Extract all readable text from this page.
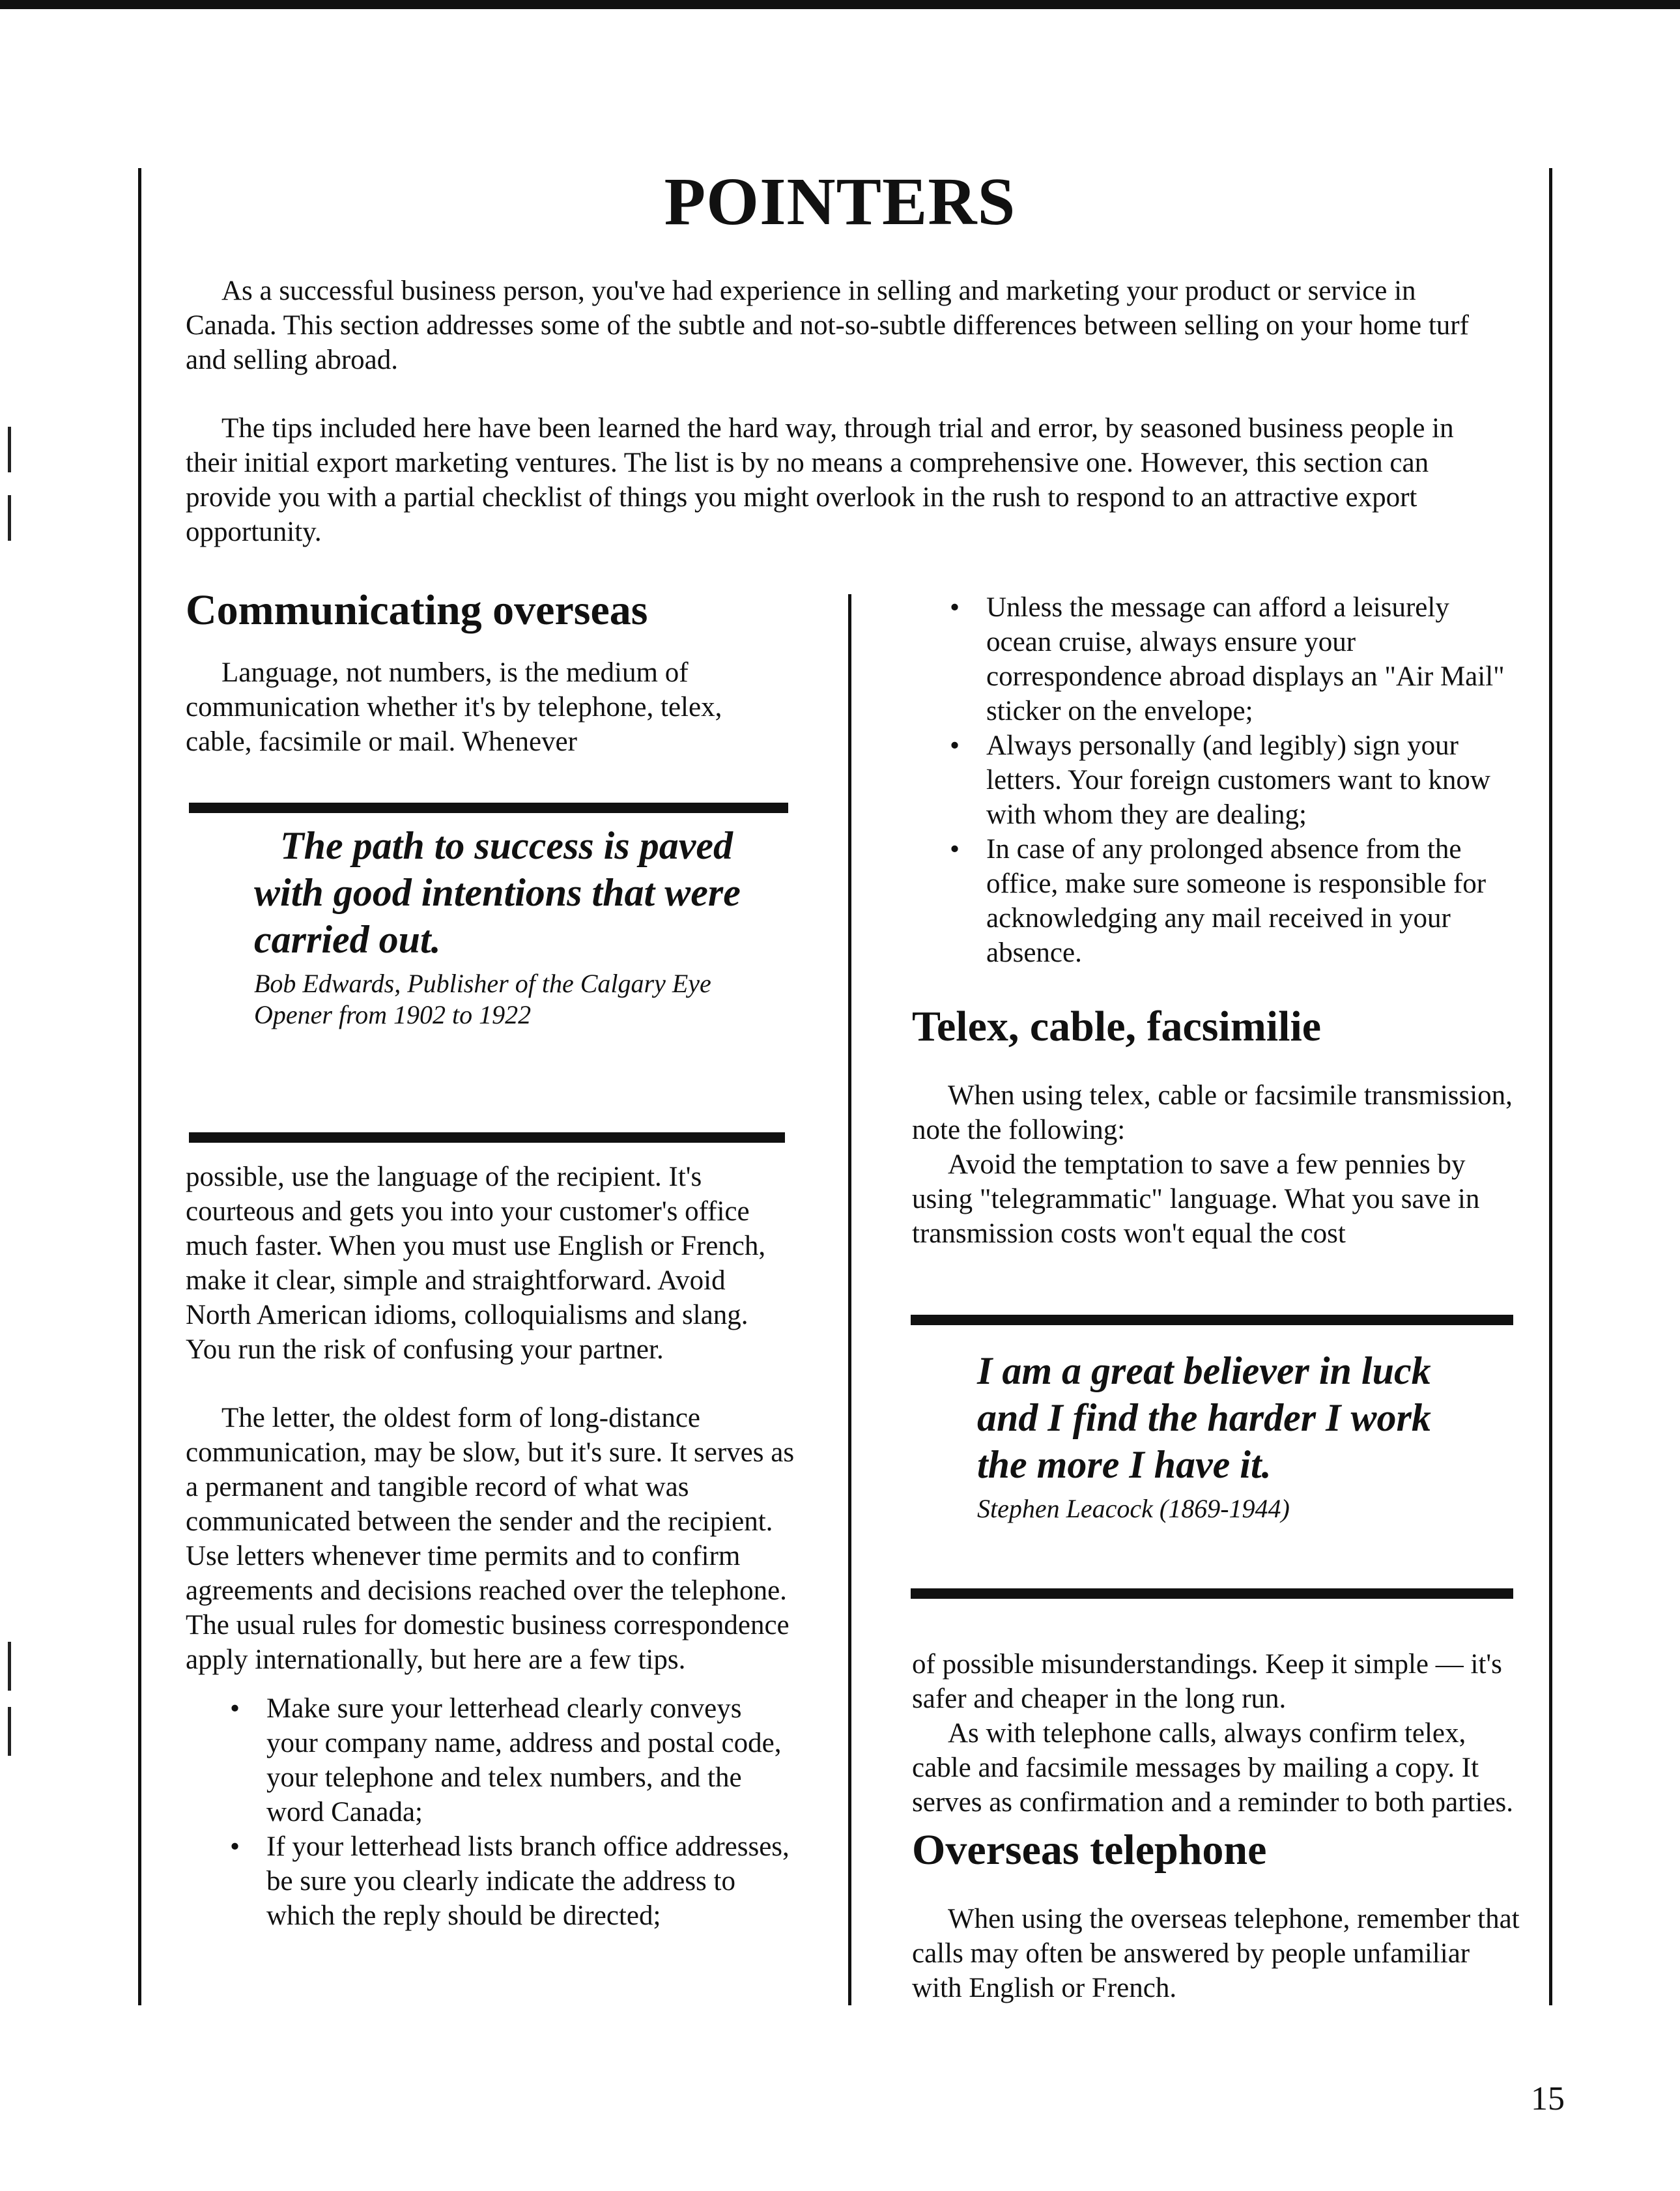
POINTERS

As a successful business person, you've had experience in selling and marketing your product or service in Canada. This section addresses some of the subtle and not-so-subtle differences between selling on your home turf and selling abroad.

The tips included here have been learned the hard way, through trial and error, by seasoned business people in their initial export marketing ventures. The list is by no means a comprehensive one. However, this section can provide you with a partial checklist of things you might overlook in the rush to respond to an attractive export opportunity.

Communicating overseas

Language, not numbers, is the medium of communication whether it's by telephone, telex, cable, facsimile or mail. Whenever

The path to success is paved with good intentions that were carried out.

Bob Edwards, Publisher of the Calgary Eye Opener from 1902 to 1922

possible, use the language of the recipient. It's courteous and gets you into your customer's office much faster. When you must use English or French, make it clear, simple and straightforward. Avoid North American idioms, colloquialisms and slang. You run the risk of confusing your partner.

The letter, the oldest form of long-distance communication, may be slow, but it's sure. It serves as a permanent and tangible record of what was communicated between the sender and the recipient. Use letters whenever time permits and to confirm agreements and decisions reached over the telephone. The usual rules for domestic business correspondence apply internationally, but here are a few tips.

• Make sure your letterhead clearly conveys your company name, address and postal code, your telephone and telex numbers, and the word Canada;
• If your letterhead lists branch office addresses, be sure you clearly indicate the address to which the reply should be directed;
• Unless the message can afford a leisurely ocean cruise, always ensure your correspondence abroad displays an "Air Mail" sticker on the envelope;
• Always personally (and legibly) sign your letters. Your foreign customers want to know with whom they are dealing;
• In case of any prolonged absence from the office, make sure someone is responsible for acknowledging any mail received in your absence.
Telex, cable, facsimilie

When using telex, cable or facsimile transmission, note the following:

Avoid the temptation to save a few pennies by using "telegrammatic" language. What you save in transmission costs won't equal the cost

I am a great believer in luck and I find the harder I work the more I have it.

Stephen Leacock (1869-1944)

of possible misunderstandings. Keep it simple — it's safer and cheaper in the long run.

As with telephone calls, always confirm telex, cable and facsimile messages by mailing a copy. It serves as confirmation and a reminder to both parties.

Overseas telephone

When using the overseas telephone, remember that calls may often be answered by people unfamiliar with English or French.

15
